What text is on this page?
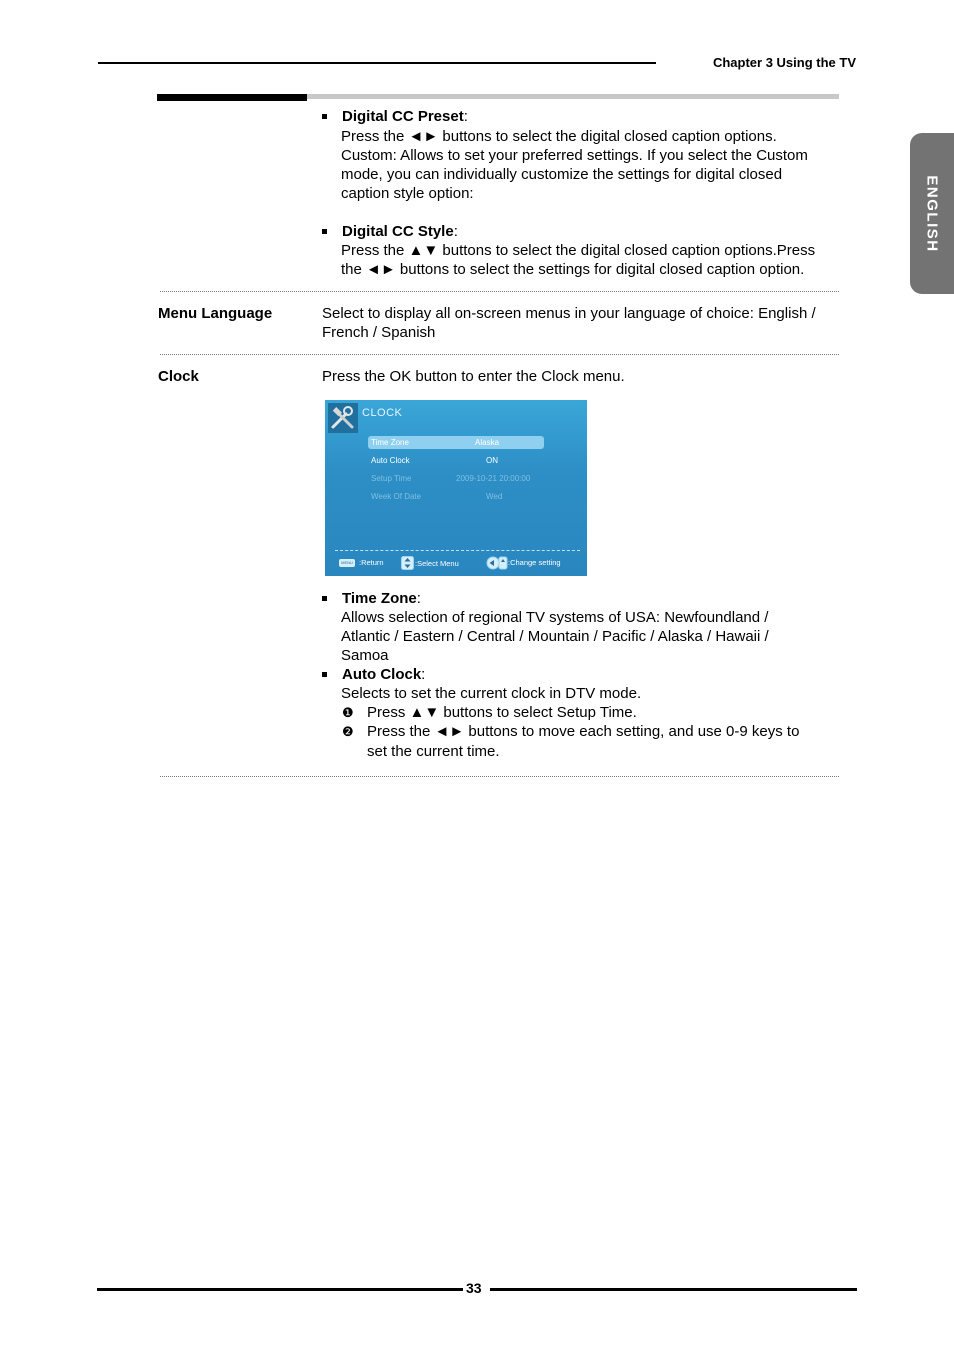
Chapter 3 Using the TV
ENGLISH
Digital CC Preset:
Press the ◄► buttons to select the digital closed caption options.
Custom: Allows to set your preferred settings. If you select the Custom
mode, you can individually customize the settings for digital closed
caption style option:
Digital CC Style:
Press the ▲▼ buttons to select the digital closed caption options.Press
the ◄► buttons to select the settings for digital closed caption option.
Menu Language	Select to display all on-screen menus in your language of choice: English /
French / Spanish
Clock	Press the OK button to enter the Clock menu.
CLOCK
Time Zone	Alaska
Auto Clock	ON
Setup Time	2009-10-21 20:00:00
Week Of Date	Wed
MENU :Return	:Select Menu	:Change setting
Time Zone:
Allows selection of regional TV systems of USA: Newfoundland /
Atlantic / Eastern / Central / Mountain / Pacific / Alaska / Hawaii /
Samoa
Auto Clock:
Selects to set the current clock in DTV mode.
❶ Press ▲▼ buttons to select Setup Time.
❷ Press the ◄► buttons to move each setting, and use 0-9 keys to
set the current time.
33
